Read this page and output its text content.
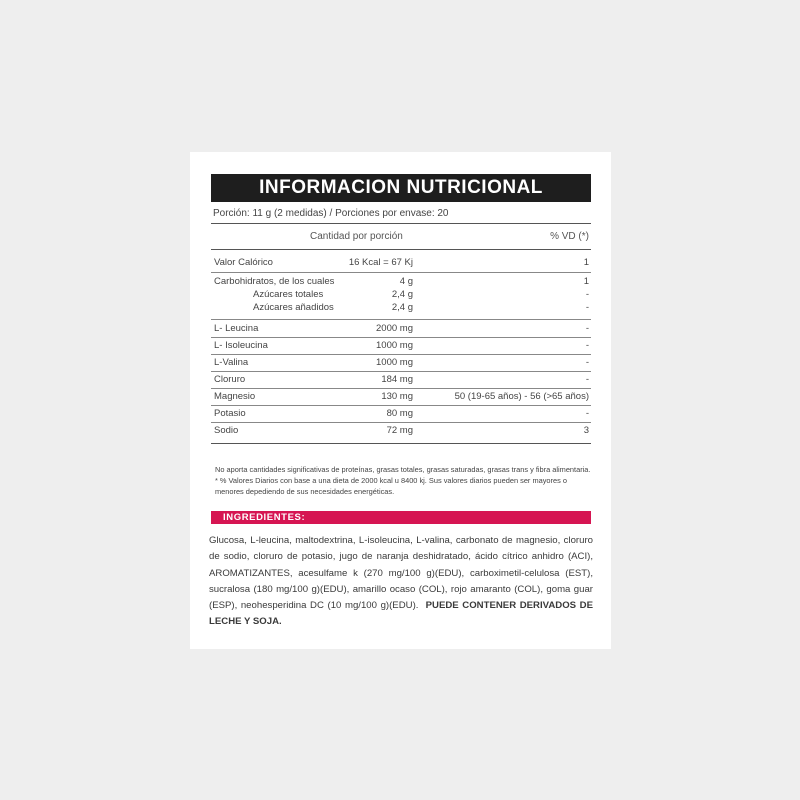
INFORMACION NUTRICIONAL
Porción: 11 g (2 medidas) / Porciones por envase: 20
Cantidad por porción	% VD (*)
Valor Calórico	16 Kcal = 67 Kj	1
Carbohidratos, de los cuales	4 g	1
Azúcares totales	2,4 g	-
Azúcares añadidos	2,4 g	-
L- Leucina	2000 mg	-
L- Isoleucina	1000 mg	-
L-Valina	1000 mg	-
Cloruro	184 mg	-
Magnesio	130 mg	50 (19-65 años) - 56 (>65 años)
Potasio	80 mg	-
Sodio	72 mg	3
No aporta cantidades significativas de proteínas, grasas totales, grasas saturadas, grasas trans y fibra alimentaria. * % Valores Diarios con base a una dieta de 2000 kcal u 8400 kj. Sus valores diarios pueden ser mayores o menores depediendo de sus necesidades energéticas.
INGREDIENTES:
Glucosa, L-leucina, maltodextrina, L-isoleucina, L-valina, carbonato de magnesio, cloruro de sodio, cloruro de potasio, jugo de naranja deshidratado, ácido cítrico anhidro (ACI), AROMATIZANTES, acesulfame k (270 mg/100 g)(EDU), carboximetil-celulosa (EST), sucralosa (180 mg/100 g)(EDU), amarillo ocaso (COL), rojo amaranto (COL), goma guar (ESP), neohesperidina DC (10 mg/100 g)(EDU). PUEDE CONTENER DERIVADOS DE LECHE Y SOJA.
